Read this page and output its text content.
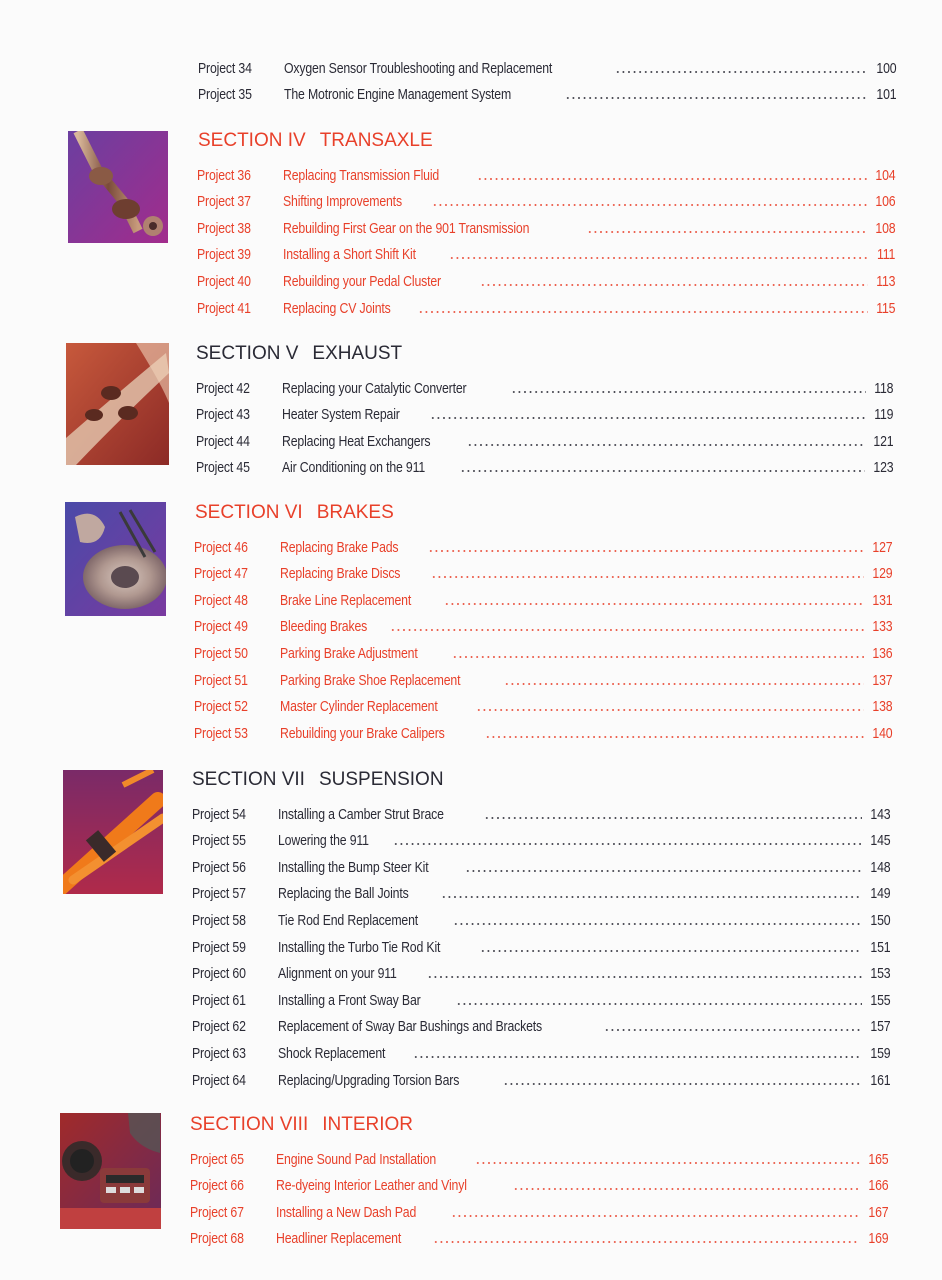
Project 34	Oxygen Sensor Troubleshooting and Replacement	100
Project 35	The Motronic Engine Management System	101
SECTION IV TRANSAXLE
Project 36	Replacing Transmission Fluid	104
Project 37	Shifting Improvements	106
Project 38	Rebuilding First Gear on the 901 Transmission	108
Project 39	Installing a Short Shift Kit	111
Project 40	Rebuilding your Pedal Cluster	113
Project 41	Replacing CV Joints	115
SECTION V EXHAUST
Project 42	Replacing your Catalytic Converter	118
Project 43	Heater System Repair	119
Project 44	Replacing Heat Exchangers	121
Project 45	Air Conditioning on the 911	123
SECTION VI BRAKES
Project 46	Replacing Brake Pads	127
Project 47	Replacing Brake Discs	129
Project 48	Brake Line Replacement	131
Project 49	Bleeding Brakes	133
Project 50	Parking Brake Adjustment	136
Project 51	Parking Brake Shoe Replacement	137
Project 52	Master Cylinder Replacement	138
Project 53	Rebuilding your Brake Calipers	140
SECTION VII SUSPENSION
Project 54	Installing a Camber Strut Brace	143
Project 55	Lowering the 911	145
Project 56	Installing the Bump Steer Kit	148
Project 57	Replacing the Ball Joints	149
Project 58	Tie Rod End Replacement	150
Project 59	Installing the Turbo Tie Rod Kit	151
Project 60	Alignment on your 911	153
Project 61	Installing a Front Sway Bar	155
Project 62	Replacement of Sway Bar Bushings and Brackets	157
Project 63	Shock Replacement	159
Project 64	Replacing/Upgrading Torsion Bars	161
SECTION VIII INTERIOR
Project 65	Engine Sound Pad Installation	165
Project 66	Re-dyeing Interior Leather and Vinyl	166
Project 67	Installing a New Dash Pad	167
Project 68	Headliner Replacement	169
